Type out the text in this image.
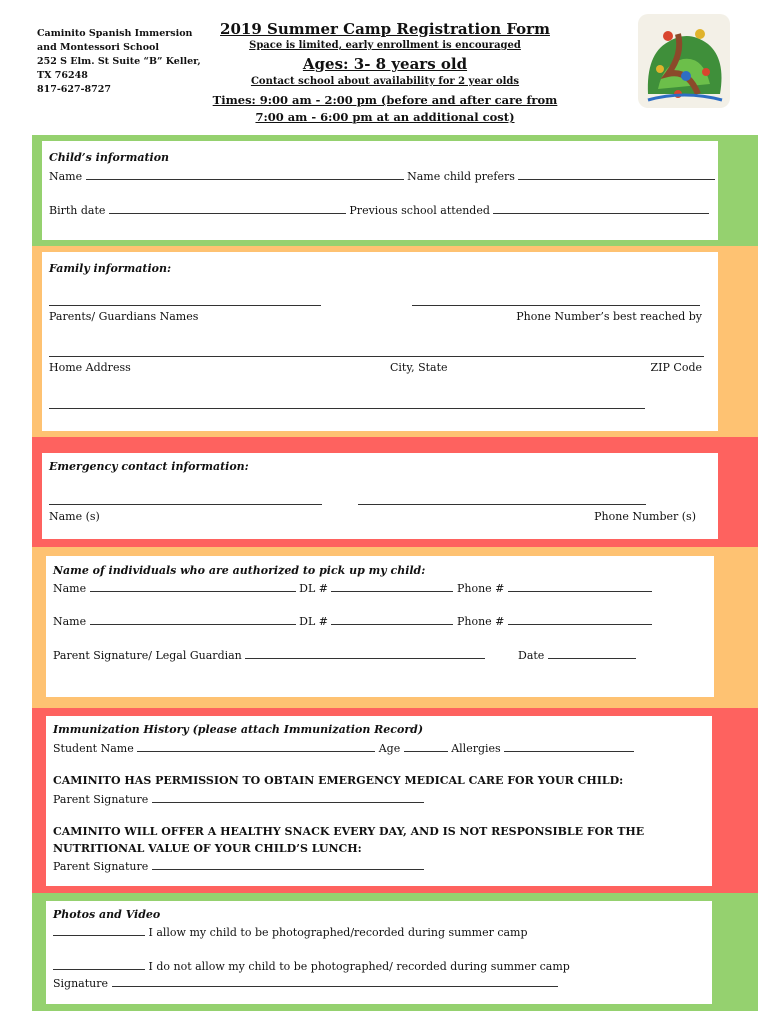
Caminito Spanish Immersion
and Montessori School
252 S Elm. St Suite “B” Keller,
TX 76248
817-627-8727
2019 Summer Camp Registration Form
Space is limited, early enrollment is encouraged
Ages: 3- 8 years old
Contact school about availability for 2 year olds
Times: 9:00 am - 2:00 pm (before and after care from
7:00 am - 6:00 pm at an additional cost)
Child’s information
Name	Name child prefers
Birth date	Previous school attended
Family information:
Parents/ Guardians Names	Phone Number’s best reached by
Home Address	City, State	ZIP Code
Emergency contact information:
Name (s)	Phone Number (s)
Name of individuals who are authorized to pick up my child:
Name	DL #	Phone #
Name	DL #	Phone #
Parent Signature/ Legal Guardian	Date
Immunization History (please attach Immunization Record)
Student Name	Age	Allergies
CAMINITO HAS PERMISSION TO OBTAIN EMERGENCY MEDICAL CARE FOR YOUR CHILD:
Parent Signature
CAMINITO WILL OFFER A HEALTHY SNACK EVERY DAY, AND IS NOT RESPONSIBLE FOR THE
NUTRITIONAL VALUE OF YOUR CHILD’S LUNCH:
Parent Signature
Photos and Video
I allow my child to be photographed/recorded during summer camp
I do not allow my child to be photographed/ recorded during summer camp
Signature
